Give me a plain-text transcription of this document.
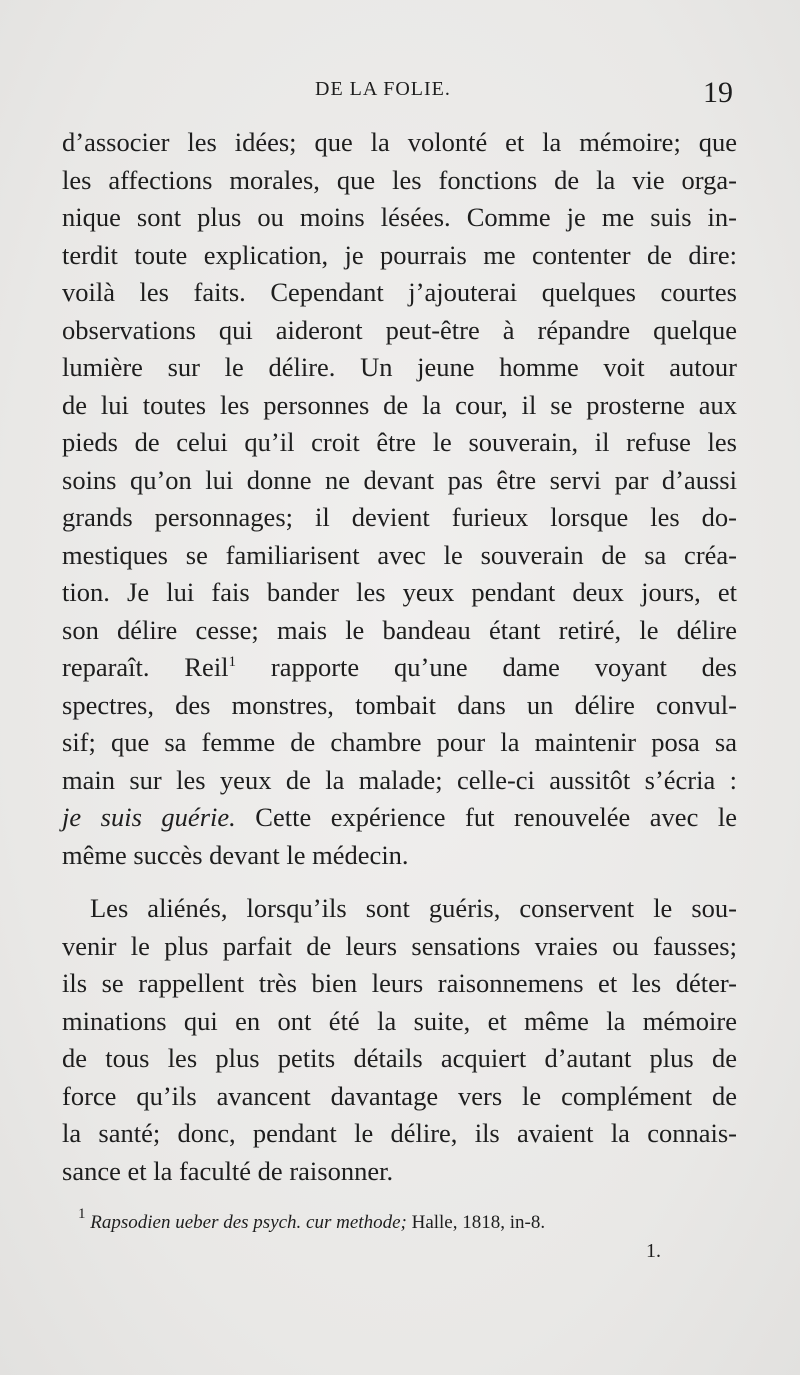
DE LA FOLIE.	19
d’associer les idées; que la volonté et la mémoire; que
les affections morales, que les fonctions de la vie orga-
nique sont plus ou moins lésées. Comme je me suis in-
terdit toute explication, je pourrais me contenter de dire:
voilà les faits. Cependant j’ajouterai quelques courtes
observations qui aideront peut-être à répandre quelque
lumière sur le délire. Un jeune homme voit autour
de lui toutes les personnes de la cour, il se prosterne aux
pieds de celui qu’il croit être le souverain, il refuse les
soins qu’on lui donne ne devant pas être servi par d’aussi
grands personnages; il devient furieux lorsque les do-
mestiques se familiarisent avec le souverain de sa créa-
tion. Je lui fais bander les yeux pendant deux jours, et
son délire cesse; mais le bandeau étant retiré, le délire
reparaît. Reil$^1$ rapporte qu’une dame voyant des
spectres, des monstres, tombait dans un délire convul-
sif; que sa femme de chambre pour la maintenir posa sa
main sur les yeux de la malade; celle-ci aussitôt s’écria :
je suis guérie. Cette expérience fut renouvelée avec le
même succès devant le médecin.
Les aliénés, lorsqu’ils sont guéris, conservent le sou-
venir le plus parfait de leurs sensations vraies ou fausses;
ils se rappellent très bien leurs raisonnemens et les déter-
minations qui en ont été la suite, et même la mémoire
de tous les plus petits détails acquiert d’autant plus de
force qu’ils avancent davantage vers le complément de
la santé; donc, pendant le délire, ils avaient la connais-
sance et la faculté de raisonner.
$^1$ Rapsodien ueber des psych. cur methode; Halle, 1818, in-8.
1.
